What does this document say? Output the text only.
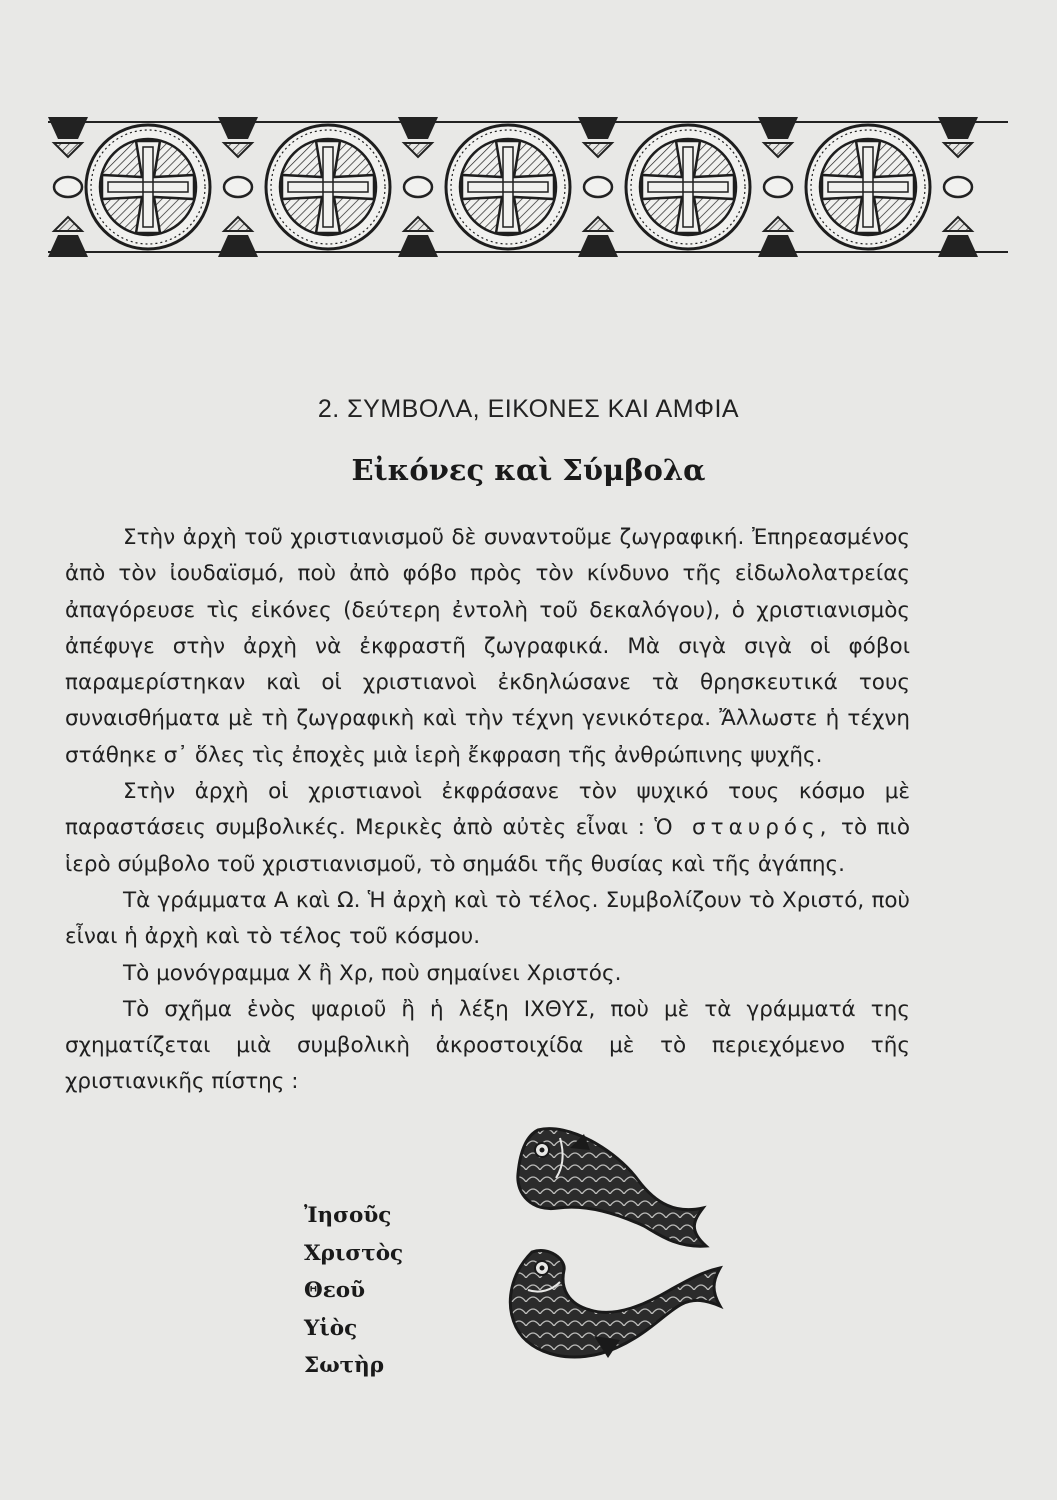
2. ΣΥΜΒΟΛΑ, ΕΙΚΟΝΕΣ ΚΑΙ ΑΜΦΙΑ
Εἰκόνες καὶ Σύμβολα

Στὴν ἀρχὴ τοῦ χριστιανισμοῦ δὲ συναντοῦμε ζωγραφική. Ἐπηρεασμένος ἀπὸ τὸν ἰουδαϊσμό, ποὺ ἀπὸ φόβο πρὸς τὸν κίνδυνο τῆς εἰδωλολατρείας ἀπαγόρευσε τὶς εἰκόνες (δεύτερη ἐντολὴ τοῦ δεκαλόγου), ὁ χριστιανισμὸς ἀπέφυγε στὴν ἀρχὴ νὰ ἐκφραστῆ ζωγραφικά. Μὰ σιγὰ σιγὰ οἱ φόβοι παραμερίστηκαν καὶ οἱ χριστιανοὶ ἐκδηλώσανε τὰ θρησκευτικά τους συναισθήματα μὲ τὴ ζωγραφικὴ καὶ τὴν τέχνη γενικότερα. Ἄλλωστε ἡ τέχνη στάθηκε σ᾿ ὅλες τὶς ἐποχὲς μιὰ ἱερὴ ἔκφραση τῆς ἀνθρώπινης ψυχῆς.

Στὴν ἀρχὴ οἱ χριστιανοὶ ἐκφράσανε τὸν ψυχικό τους κόσμο μὲ παραστάσεις συμβολικές. Μερικὲς ἀπὸ αὐτὲς εἶναι : Ὁ σταυρός, τὸ πιὸ ἱερὸ σύμβολο τοῦ χριστιανισμοῦ, τὸ σημάδι τῆς θυσίας καὶ τῆς ἀγάπης.

Τὰ γράμματα Α καὶ Ω. Ἡ ἀρχὴ καὶ τὸ τέλος. Συμβολίζουν τὸ Χριστό, ποὺ εἶναι ἡ ἀρχὴ καὶ τὸ τέλος τοῦ κόσμου.

Τὸ μονόγραμμα Χ ἢ Χρ, ποὺ σημαίνει Χριστός.

Τὸ σχῆμα ἑνὸς ψαριοῦ ἢ ἡ λέξη ΙΧΘΥΣ, ποὺ μὲ τὰ γράμματά της σχηματίζεται μιὰ συμβολικὴ ἀκροστοιχίδα μὲ τὸ περιεχόμενο τῆς χριστιανικῆς πίστης :

Ἰησοῦς
Χριστὸς
Θεοῦ
Υἱὸς
Σωτὴρ
